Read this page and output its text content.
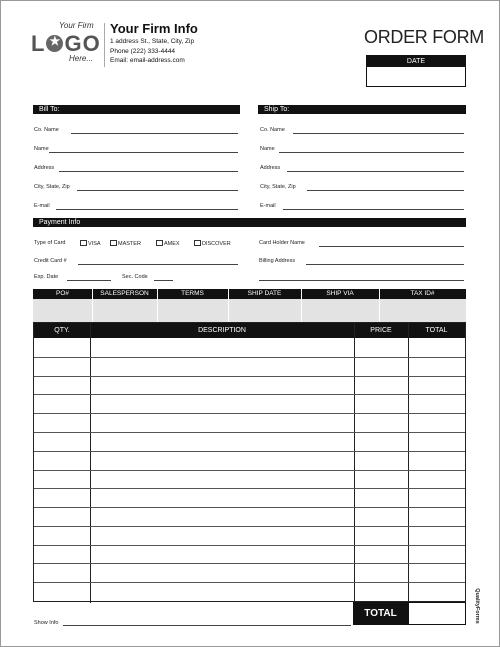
Your Firm
L★ GO
Here...
Your Firm Info
1 address St., State, City, Zip
Phone (222) 333-4444
Email: email-address.com
ORDER FORM
DATE
Bill To:	Ship To:
Co. Name
Name
Address
City, State, Zip
E-mail
Co. Name
Name
Address
City, State, Zip
E-mail
Payment Info
Type of Card	VISA	MASTER	AMEX	DISCOVER	Card Holder Name
Credit Card #	Billing Address
Exp. Date	Sec. Code
PO#	SALESPERSON	TERMS	SHIP DATE	SHIP VIA	TAX ID#
QTY.	DESCRIPTION	PRICE	TOTAL
Show Info
TOTAL	QualityForms
